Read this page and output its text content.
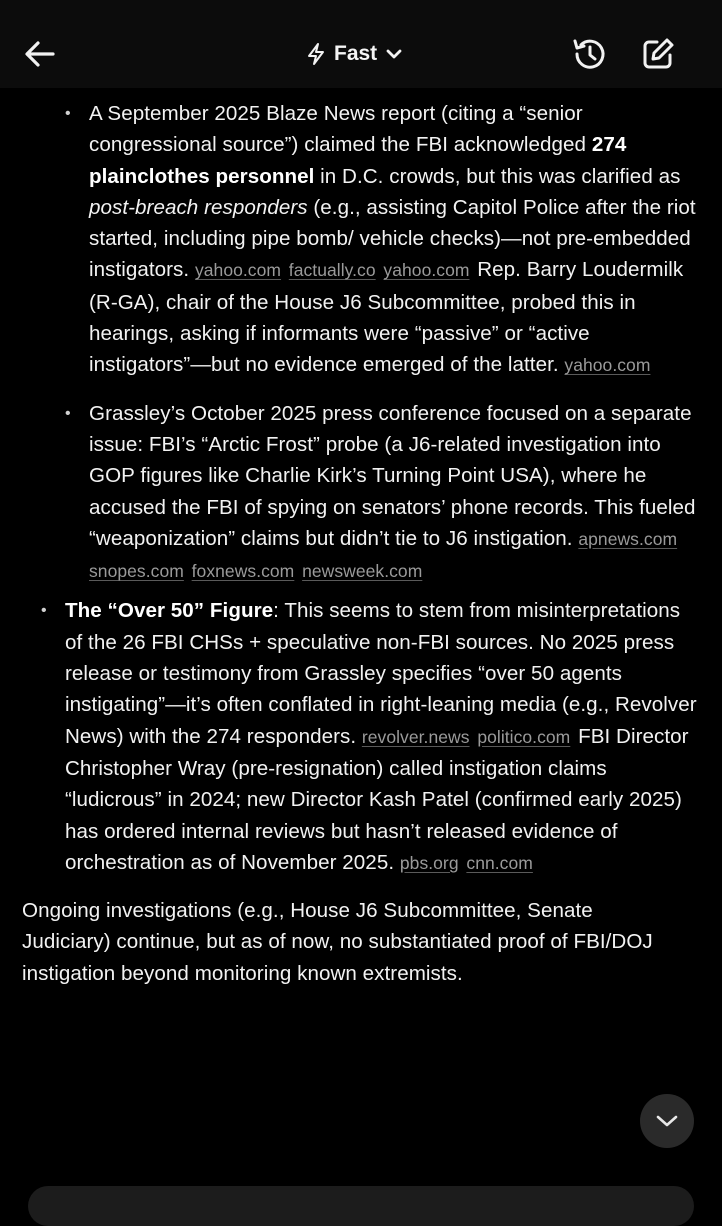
Fast
• A September 2025 Blaze News report (citing a “senior congressional source”) claimed the FBI acknowledged 274 plainclothes personnel in D.C. crowds, but this was clarified as post-breach responders (e.g., assisting Capitol Police after the riot started, including pipe bomb/ vehicle checks)—not pre-embedded instigators. yahoo.com factually.co yahoo.com Rep. Barry Loudermilk (R-GA), chair of the House J6 Subcommittee, probed this in hearings, asking if informants were “passive” or “active instigators”—but no evidence emerged of the latter. yahoo.com
• Grassley’s October 2025 press conference focused on a separate issue: FBI’s “Arctic Frost” probe (a J6-related investigation into GOP figures like Charlie Kirk’s Turning Point USA), where he accused the FBI of spying on senators’ phone records. This fueled “weaponization” claims but didn’t tie to J6 instigation. apnews.com snopes.com foxnews.com newsweek.com
• The “Over 50” Figure: This seems to stem from misinterpretations of the 26 FBI CHSs + speculative non-FBI sources. No 2025 press release or testimony from Grassley specifies “over 50 agents instigating”—it’s often conflated in right-leaning media (e.g., Revolver News) with the 274 responders. revolver.news politico.com FBI Director Christopher Wray (pre-resignation) called instigation claims “ludicrous” in 2024; new Director Kash Patel (confirmed early 2025) has ordered internal reviews but hasn’t released evidence of orchestration as of November 2025. pbs.org cnn.com

Ongoing investigations (e.g., House J6 Subcommittee, Senate Judiciary) continue, but as of now, no substantiated proof of FBI/DOJ instigation beyond monitoring known extremists.
